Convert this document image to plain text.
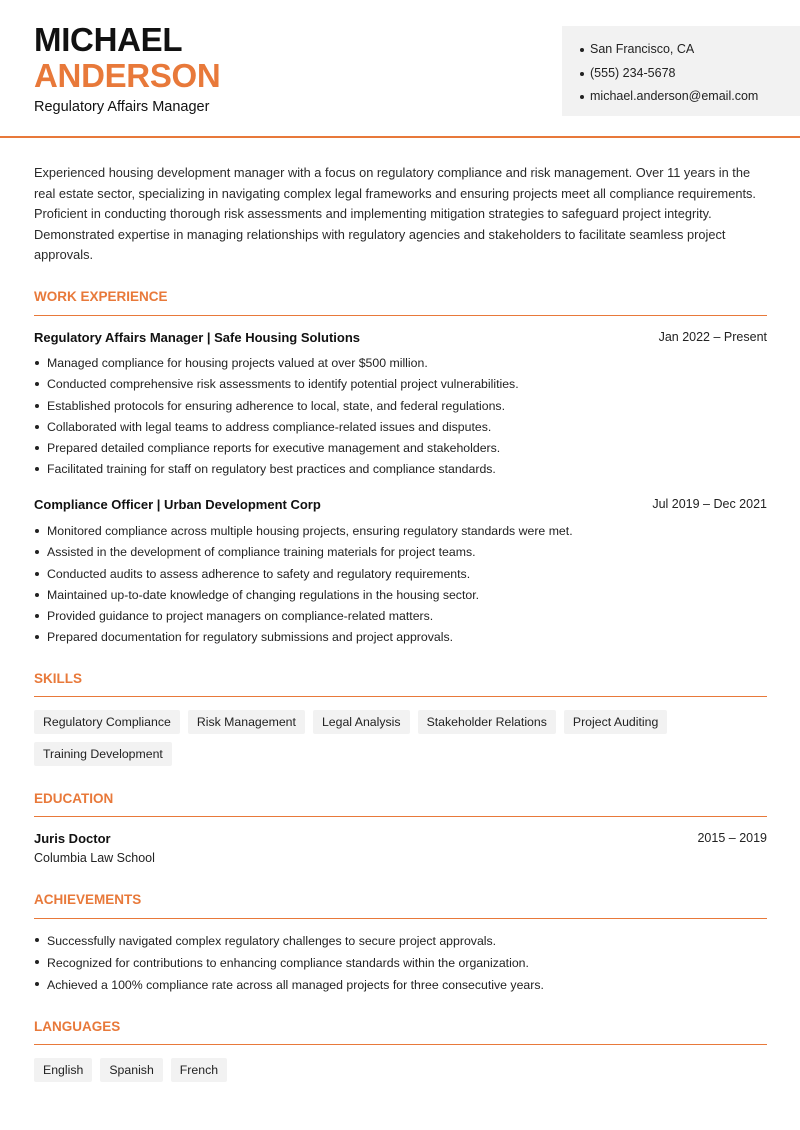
MICHAEL
ANDERSON
Regulatory Affairs Manager
San Francisco, CA
(555) 234-5678
michael.anderson@email.com
Experienced housing development manager with a focus on regulatory compliance and risk management. Over 11 years in the real estate sector, specializing in navigating complex legal frameworks and ensuring projects meet all compliance requirements. Proficient in conducting thorough risk assessments and implementing mitigation strategies to safeguard project integrity. Demonstrated expertise in managing relationships with regulatory agencies and stakeholders to facilitate seamless project approvals.
WORK EXPERIENCE
Regulatory Affairs Manager | Safe Housing Solutions	Jan 2022 – Present
Managed compliance for housing projects valued at over $500 million.
Conducted comprehensive risk assessments to identify potential project vulnerabilities.
Established protocols for ensuring adherence to local, state, and federal regulations.
Collaborated with legal teams to address compliance-related issues and disputes.
Prepared detailed compliance reports for executive management and stakeholders.
Facilitated training for staff on regulatory best practices and compliance standards.
Compliance Officer | Urban Development Corp	Jul 2019 – Dec 2021
Monitored compliance across multiple housing projects, ensuring regulatory standards were met.
Assisted in the development of compliance training materials for project teams.
Conducted audits to assess adherence to safety and regulatory requirements.
Maintained up-to-date knowledge of changing regulations in the housing sector.
Provided guidance to project managers on compliance-related matters.
Prepared documentation for regulatory submissions and project approvals.
SKILLS
Regulatory Compliance	Risk Management	Legal Analysis	Stakeholder Relations	Project Auditing
Training Development
EDUCATION
Juris Doctor	2015 – 2019
Columbia Law School
ACHIEVEMENTS
Successfully navigated complex regulatory challenges to secure project approvals.
Recognized for contributions to enhancing compliance standards within the organization.
Achieved a 100% compliance rate across all managed projects for three consecutive years.
LANGUAGES
English	Spanish	French
